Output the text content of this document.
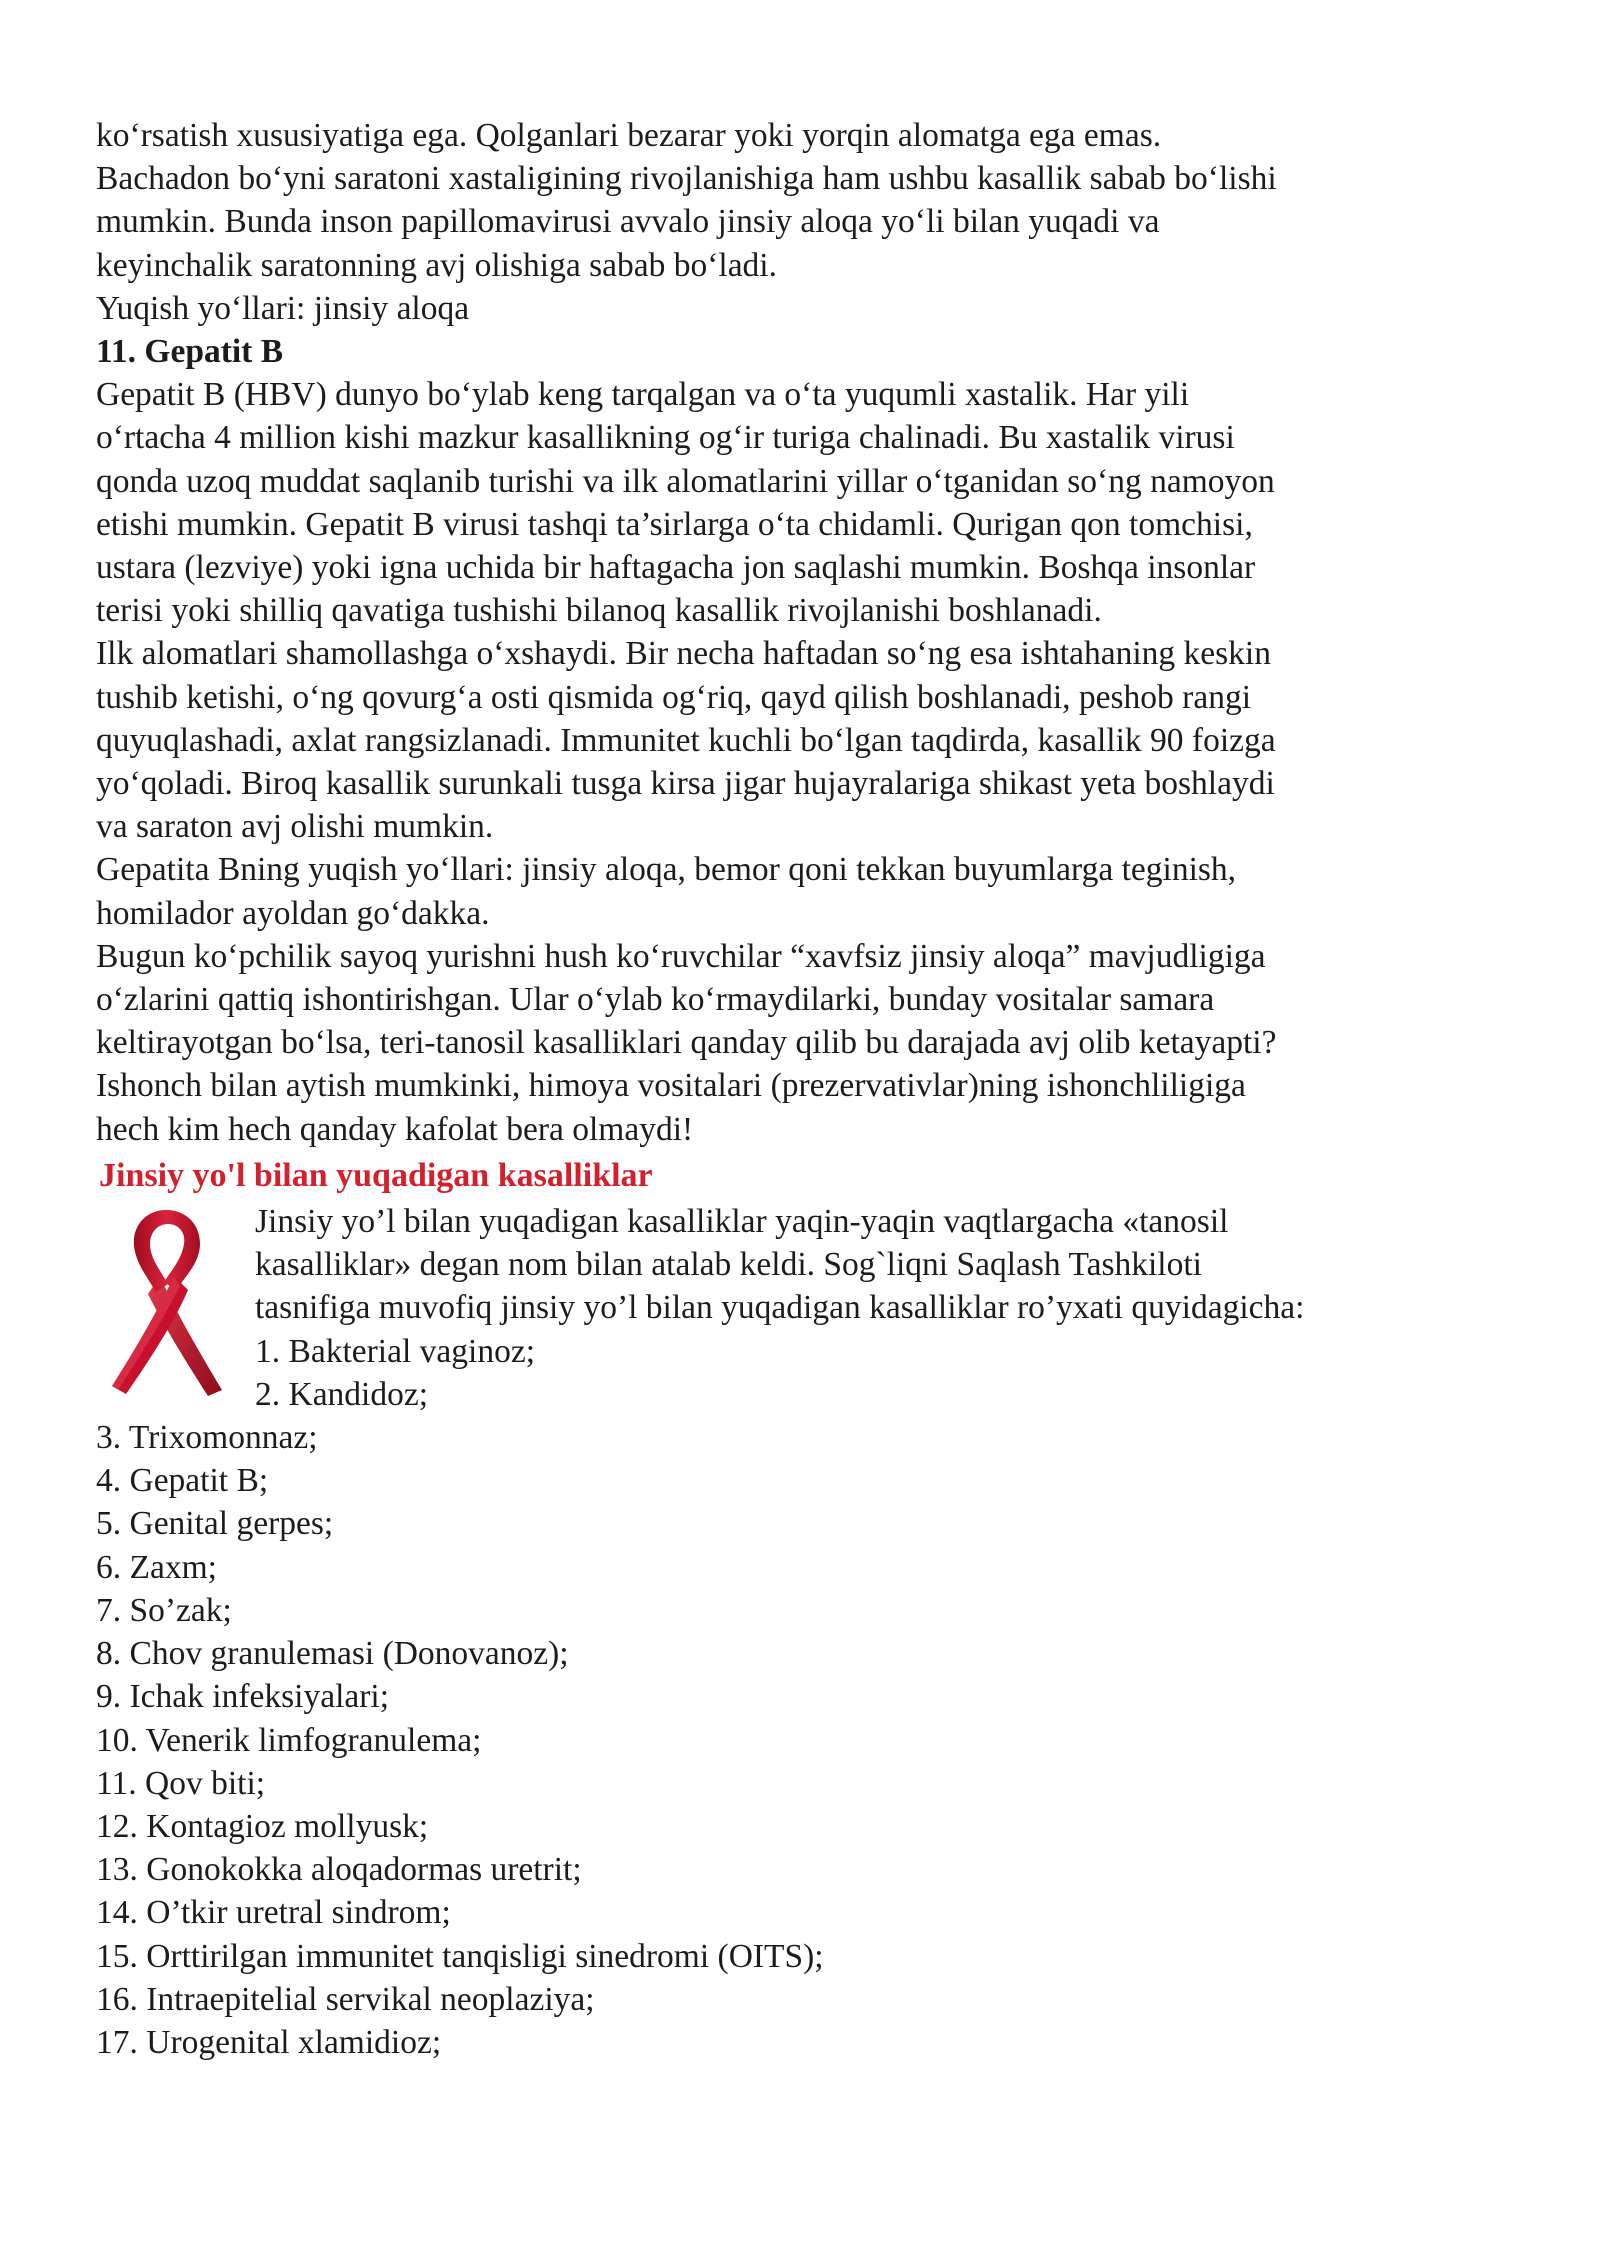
ko‘rsatish xususiyatiga ega. Qolganlari bezarar yoki yorqin alomatga ega emas.
Bachadon bo‘yni saratoni xastaligining rivojlanishiga ham ushbu kasallik sabab bo‘lishi
mumkin. Bunda inson papillomavirusi avvalo jinsiy aloqa yo‘li bilan yuqadi va
keyinchalik saratonning avj olishiga sabab bo‘ladi.
Yuqish yo‘llari: jinsiy aloqa
11. Gepatit B
Gepatit B (HBV) dunyo bo‘ylab keng tarqalgan va o‘ta yuqumli xastalik. Har yili
o‘rtacha 4 million kishi mazkur kasallikning og‘ir turiga chalinadi. Bu xastalik virusi
qonda uzoq muddat saqlanib turishi va ilk alomatlarini yillar o‘tganidan so‘ng namoyon
etishi mumkin. Gepatit B virusi tashqi ta’sirlarga o‘ta chidamli. Qurigan qon tomchisi,
ustara (lezviye) yoki igna uchida bir haftagacha jon saqlashi mumkin. Boshqa insonlar
terisi yoki shilliq qavatiga tushishi bilanoq kasallik rivojlanishi boshlanadi.
Ilk alomatlari shamollashga o‘xshaydi. Bir necha haftadan so‘ng esa ishtahaning keskin
tushib ketishi, o‘ng qovurg‘a osti qismida og‘riq, qayd qilish boshlanadi, peshob rangi
quyuqlashadi, axlat rangsizlanadi. Immunitet kuchli bo‘lgan taqdirda, kasallik 90 foizga
yo‘qoladi. Biroq kasallik surunkali tusga kirsa jigar hujayralariga shikast yeta boshlaydi
va saraton avj olishi mumkin.
Gepatita Bning yuqish yo‘llari: jinsiy aloqa, bemor qoni tekkan buyumlarga teginish,
homilador ayoldan go‘dakka.
Bugun ko‘pchilik sayoq yurishni hush ko‘ruvchilar “xavfsiz jinsiy aloqa” mavjudligiga
o‘zlarini qattiq ishontirishgan. Ular o‘ylab ko‘rmaydilarki, bunday vositalar samara
keltirayotgan bo‘lsa, teri-tanosil kasalliklari qanday qilib bu darajada avj olib ketayapti?
Ishonch bilan aytish mumkinki, himoya vositalari (prezervativlar)ning ishonchliligiga
hech kim hech qanday kafolat bera olmaydi!
Jinsiy yo'l bilan yuqadigan kasalliklar
Jinsiy yo’l bilan yuqadigan kasalliklar yaqin-yaqin vaqtlargacha «tanosil
kasalliklar» degan nom bilan atalab keldi. Sog`liqni Saqlash Tashkiloti
tasnifiga muvofiq jinsiy yo’l bilan yuqadigan kasalliklar ro’yxati quyidagicha:
1. Bakterial vaginoz;
2. Kandidoz;
3. Trixomonnaz;
4. Gepatit B;
5. Genital gerpes;
6. Zaxm;
7. So’zak;
8. Chov granulemasi (Donovanoz);
9. Ichak infeksiyalari;
10. Venerik limfogranulema;
11. Qov biti;
12. Kontagioz mollyusk;
13. Gonokokka aloqadormas uretrit;
14. O’tkir uretral sindrom;
15. Orttirilgan immunitet tanqisligi sinedromi (OITS);
16. Intraepitelial servikal neoplaziya;
17. Urogenital xlamidioz;
